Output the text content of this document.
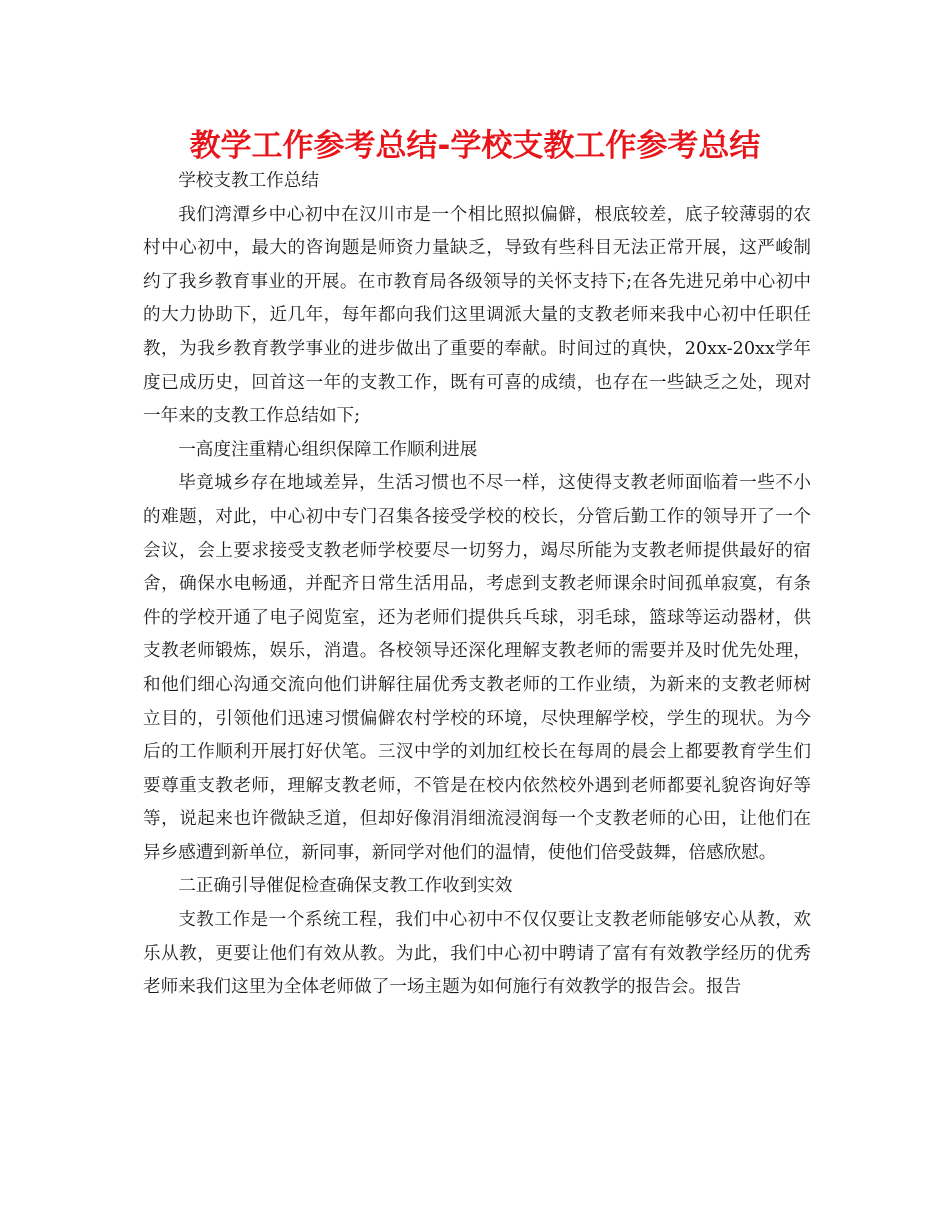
教学工作参考总结-学校支教工作参考总结

学校支教工作总结

我们湾潭乡中心初中在汉川市是一个相比照拟偏僻，根底较差，底子较薄弱的农村中心初中，最大的咨询题是师资力量缺乏，导致有些科目无法正常开展，这严峻制约了我乡教育事业的开展。在市教育局各级领导的关怀支持下;在各先进兄弟中心初中的大力协助下，近几年，每年都向我们这里调派大量的支教老师来我中心初中任职任教，为我乡教育教学事业的进步做出了重要的奉献。时间过的真快，20xx-20xx学年度已成历史，回首这一年的支教工作，既有可喜的成绩，也存在一些缺乏之处，现对一年来的支教工作总结如下;

一高度注重精心组织保障工作顺利进展

毕竟城乡存在地域差异，生活习惯也不尽一样，这使得支教老师面临着一些不小的难题，对此，中心初中专门召集各接受学校的校长，分管后勤工作的领导开了一个会议，会上要求接受支教老师学校要尽一切努力，竭尽所能为支教老师提供最好的宿舍，确保水电畅通，并配齐日常生活用品，考虑到支教老师课余时间孤单寂寞，有条件的学校开通了电子阅览室，还为老师们提供兵乓球，羽毛球，篮球等运动器材，供支教老师锻炼，娱乐，消遣。各校领导还深化理解支教老师的需要并及时优先处理，和他们细心沟通交流向他们讲解往届优秀支教老师的工作业绩，为新来的支教老师树立目的，引领他们迅速习惯偏僻农村学校的环境，尽快理解学校，学生的现状。为今后的工作顺利开展打好伏笔。三汊中学的刘加红校长在每周的晨会上都要教育学生们要尊重支教老师，理解支教老师，不管是在校内依然校外遇到老师都要礼貌咨询好等等，说起来也许微缺乏道，但却好像涓涓细流浸润每一个支教老师的心田，让他们在异乡感遭到新单位，新同事，新同学对他们的温情，使他们倍受鼓舞，倍感欣慰。

二正确引导催促检查确保支教工作收到实效

支教工作是一个系统工程，我们中心初中不仅仅要让支教老师能够安心从教，欢乐从教，更要让他们有效从教。为此，我们中心初中聘请了富有有效教学经历的优秀老师来我们这里为全体老师做了一场主题为如何施行有效教学的报告会。报告
